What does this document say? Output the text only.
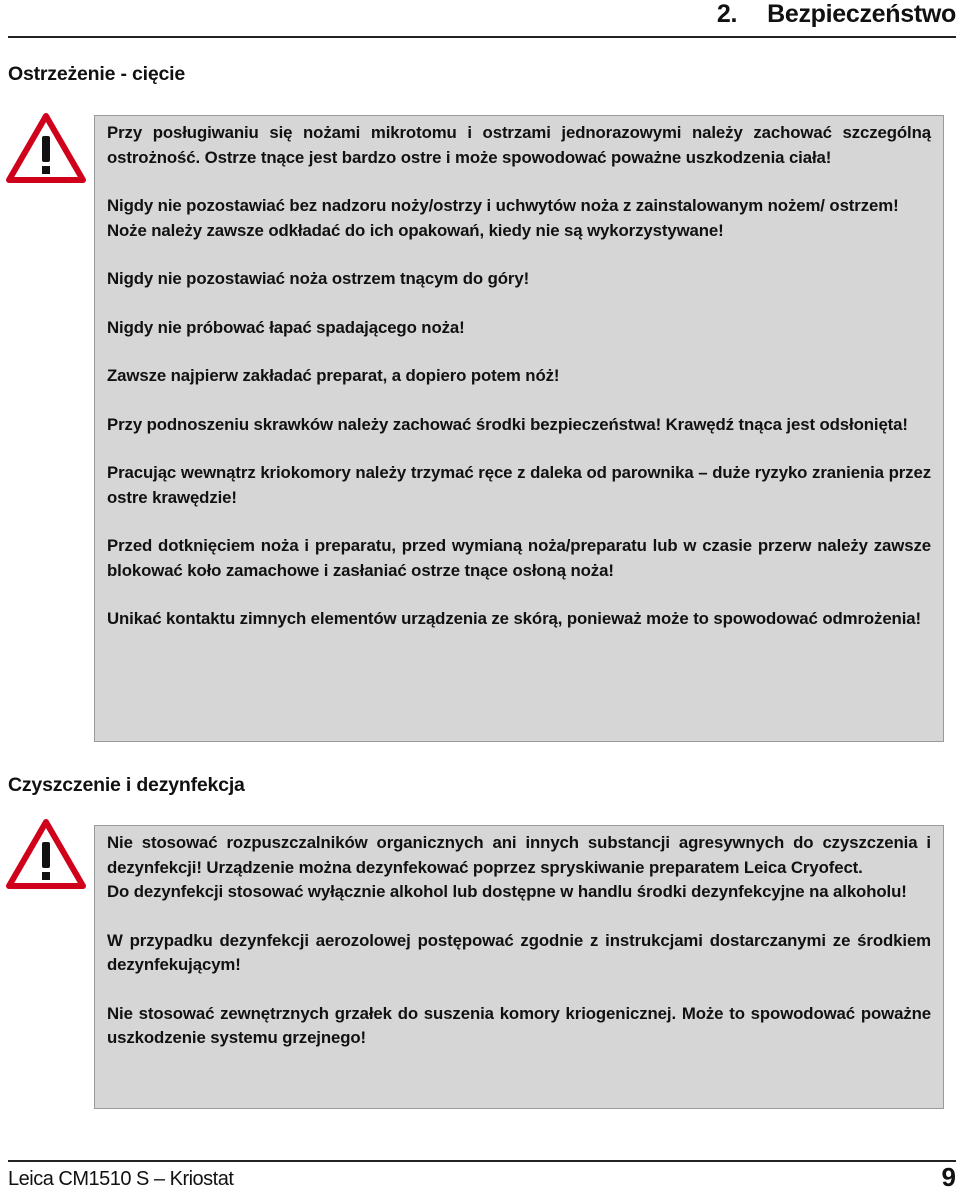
2. Bezpieczeństwo
Ostrzeżenie - cięcie

Przy posługiwaniu się nożami mikrotomu i ostrzami jednorazowymi należy zachować szczególną ostrożność. Ostrze tnące jest bardzo ostre i może spowodować poważne uszkodzenia ciała!

Nigdy nie pozostawiać bez nadzoru noży/ostrzy i uchwytów noża z zainstalowanym nożem/ ostrzem!

Noże należy zawsze odkładać do ich opakowań, kiedy nie są wykorzystywane!

Nigdy nie pozostawiać noża ostrzem tnącym do góry!

Nigdy nie próbować łapać spadającego noża!

Zawsze najpierw zakładać preparat, a dopiero potem nóż!

Przy podnoszeniu skrawków należy zachować środki bezpieczeństwa! Krawędź tnąca jest odsłonięta!

Pracując wewnątrz kriokomory należy trzymać ręce z daleka od parownika – duże ryzyko zranienia przez ostre krawędzie!

Przed dotknięciem noża i preparatu, przed wymianą noża/preparatu lub w czasie przerw należy zawsze blokować koło zamachowe i zasłaniać ostrze tnące osłoną noża!

Unikać kontaktu zimnych elementów urządzenia ze skórą, ponieważ może to spowodować odmrożenia!

Czyszczenie i dezynfekcja

Nie stosować rozpuszczalników organicznych ani innych substancji agresywnych do czyszczenia i dezynfekcji! Urządzenie można dezynfekować poprzez spryskiwanie preparatem Leica Cryofect.

Do dezynfekcji stosować wyłącznie alkohol lub dostępne w handlu środki dezynfekcyjne na alkoholu!

W przypadku dezynfekcji aerozolowej postępować zgodnie z instrukcjami dostarczanymi ze środkiem dezynfekującym!

Nie stosować zewnętrznych grzałek do suszenia komory kriogenicznej. Może to spowodować poważne uszkodzenie systemu grzejnego!

Leica CM1510 S – Kriostat	9
